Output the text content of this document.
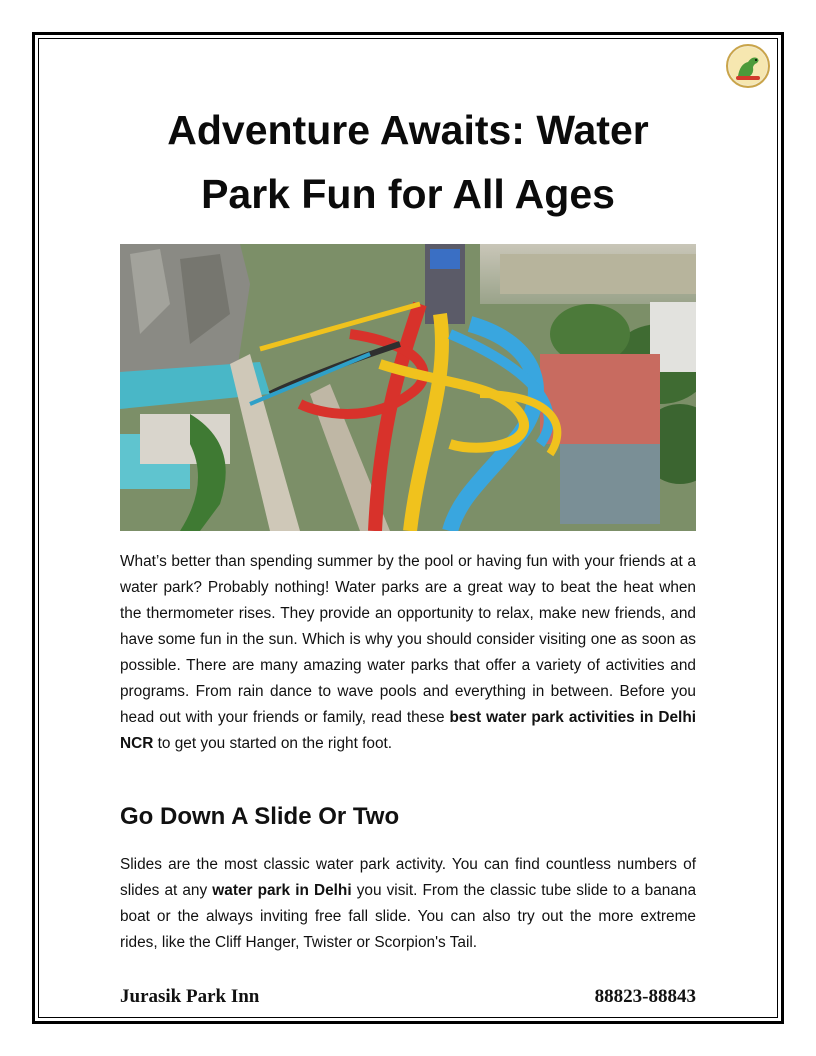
Adventure Awaits: Water
Park Fun for All Ages

What’s better than spending summer by the pool or having fun with your friends at a water park? Probably nothing! Water parks are a great way to beat the heat when the thermometer rises. They provide an opportunity to relax, make new friends, and have some fun in the sun. Which is why you should consider visiting one as soon as possible. There are many amazing water parks that offer a variety of activities and programs. From rain dance to wave pools and everything in between. Before you head out with your friends or family, read these best water park activities in Delhi NCR to get you started on the right foot.

Go Down A Slide Or Two

Slides are the most classic water park activity. You can find countless numbers of slides at any water park in Delhi you visit. From the classic tube slide to a banana boat or the always inviting free fall slide. You can also try out the more extreme rides, like the Cliff Hanger, Twister or Scorpion's Tail.

Jurasik Park Inn	88823-88843
